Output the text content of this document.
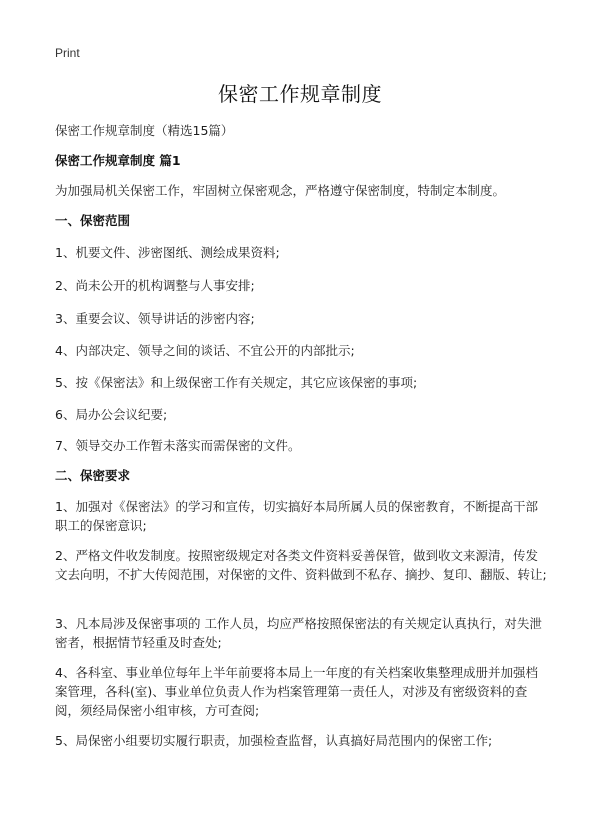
Print
保密工作规章制度

保密工作规章制度（精选15篇）

保密工作规章制度 篇1

为加强局机关保密工作，牢固树立保密观念，严格遵守保密制度，特制定本制度。

一、保密范围

1、机要文件、涉密图纸、测绘成果资料;

2、尚未公开的机构调整与人事安排;

3、重要会议、领导讲话的涉密内容;

4、内部决定、领导之间的谈话、不宜公开的内部批示;

5、按《保密法》和上级保密工作有关规定，其它应该保密的事项;

6、局办公会议纪要;

7、领导交办工作暂未落实而需保密的文件。

二、保密要求

1、加强对《保密法》的学习和宣传，切实搞好本局所属人员的保密教育，不断提高干部职工的保密意识;

2、严格文件收发制度。按照密级规定对各类文件资料妥善保管，做到收文来源清，传发文去向明，不扩大传阅范围，对保密的文件、资料做到不私存、摘抄、复印、翻版、转让;

3、凡本局涉及保密事项的 工作人员，均应严格按照保密法的有关规定认真执行，对失泄密者，根据情节轻重及时查处;

4、各科室、事业单位每年上半年前要将本局上一年度的有关档案收集整理成册并加强档案管理，各科(室)、事业单位负责人作为档案管理第一责任人，对涉及有密级资料的查阅，须经局保密小组审核，方可查阅;

5、局保密小组要切实履行职责，加强检查监督，认真搞好局范围内的保密工作;
